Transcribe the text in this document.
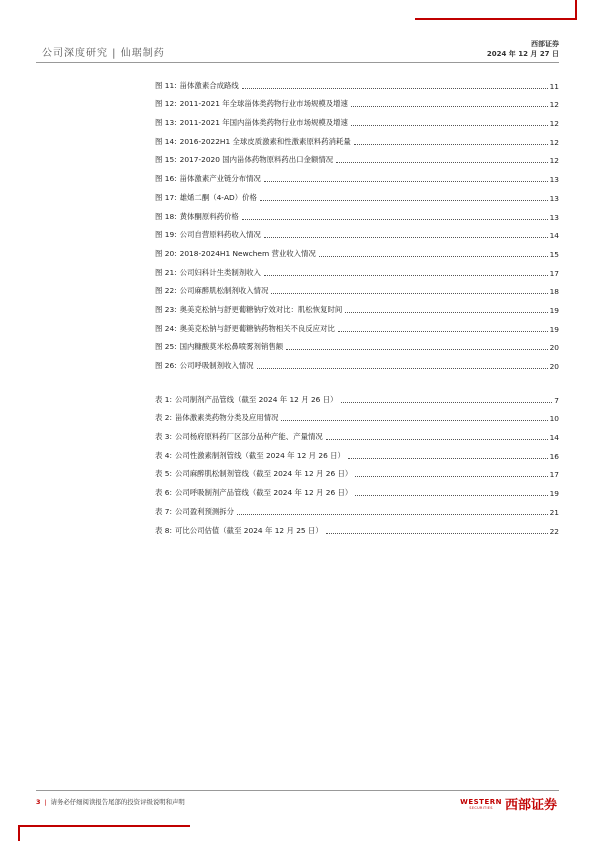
公司深度研究 | 仙琚制药
西部证券
2024 年 12 月 27 日
图 11: 甾体激素合成路线	11
图 12: 2011-2021 年全球甾体类药物行业市场规模及增速	12
图 13: 2011-2021 年国内甾体类药物行业市场规模及增速	12
图 14: 2016-2022H1 全球皮质激素和性激素原料药消耗量	12
图 15: 2017-2020 国内甾体药物原料药出口金额情况	12
图 16: 甾体激素产业链分布情况	13
图 17: 雄烯二酮（4-AD）价格	13
图 18: 黄体酮原料药价格	13
图 19: 公司自营原料药收入情况	14
图 20: 2018-2024H1 Newchem 营业收入情况	15
图 21: 公司妇科计生类制剂收入	17
图 22: 公司麻醉肌松制剂收入情况	18
图 23: 奥美克松钠与舒更葡糖钠疗效对比：肌松恢复时间	19
图 24: 奥美克松钠与舒更葡糖钠药物相关不良反应对比	19
图 25: 国内糠酸莫米松鼻喷雾剂销售额	20
图 26: 公司呼吸制剂收入情况	20
表 1: 公司制剂产品管线（截至 2024 年 12 月 26 日）	7
表 2: 甾体激素类药物分类及应用情况	10
表 3: 公司杨府原料药厂区部分品种产能、产量情况	14
表 4: 公司性激素制剂管线（截至 2024 年 12 月 26 日）	16
表 5: 公司麻醉肌松制剂管线（截至 2024 年 12 月 26 日）	17
表 6: 公司呼吸制剂产品管线（截至 2024 年 12 月 26 日）	19
表 7: 公司盈利预测拆分	21
表 8: 可比公司估值（截至 2024 年 12 月 25 日）	22
3 | 请务必仔细阅读报告尾部的投资评级说明和声明	WESTERN
SECURITIES 西部证券
